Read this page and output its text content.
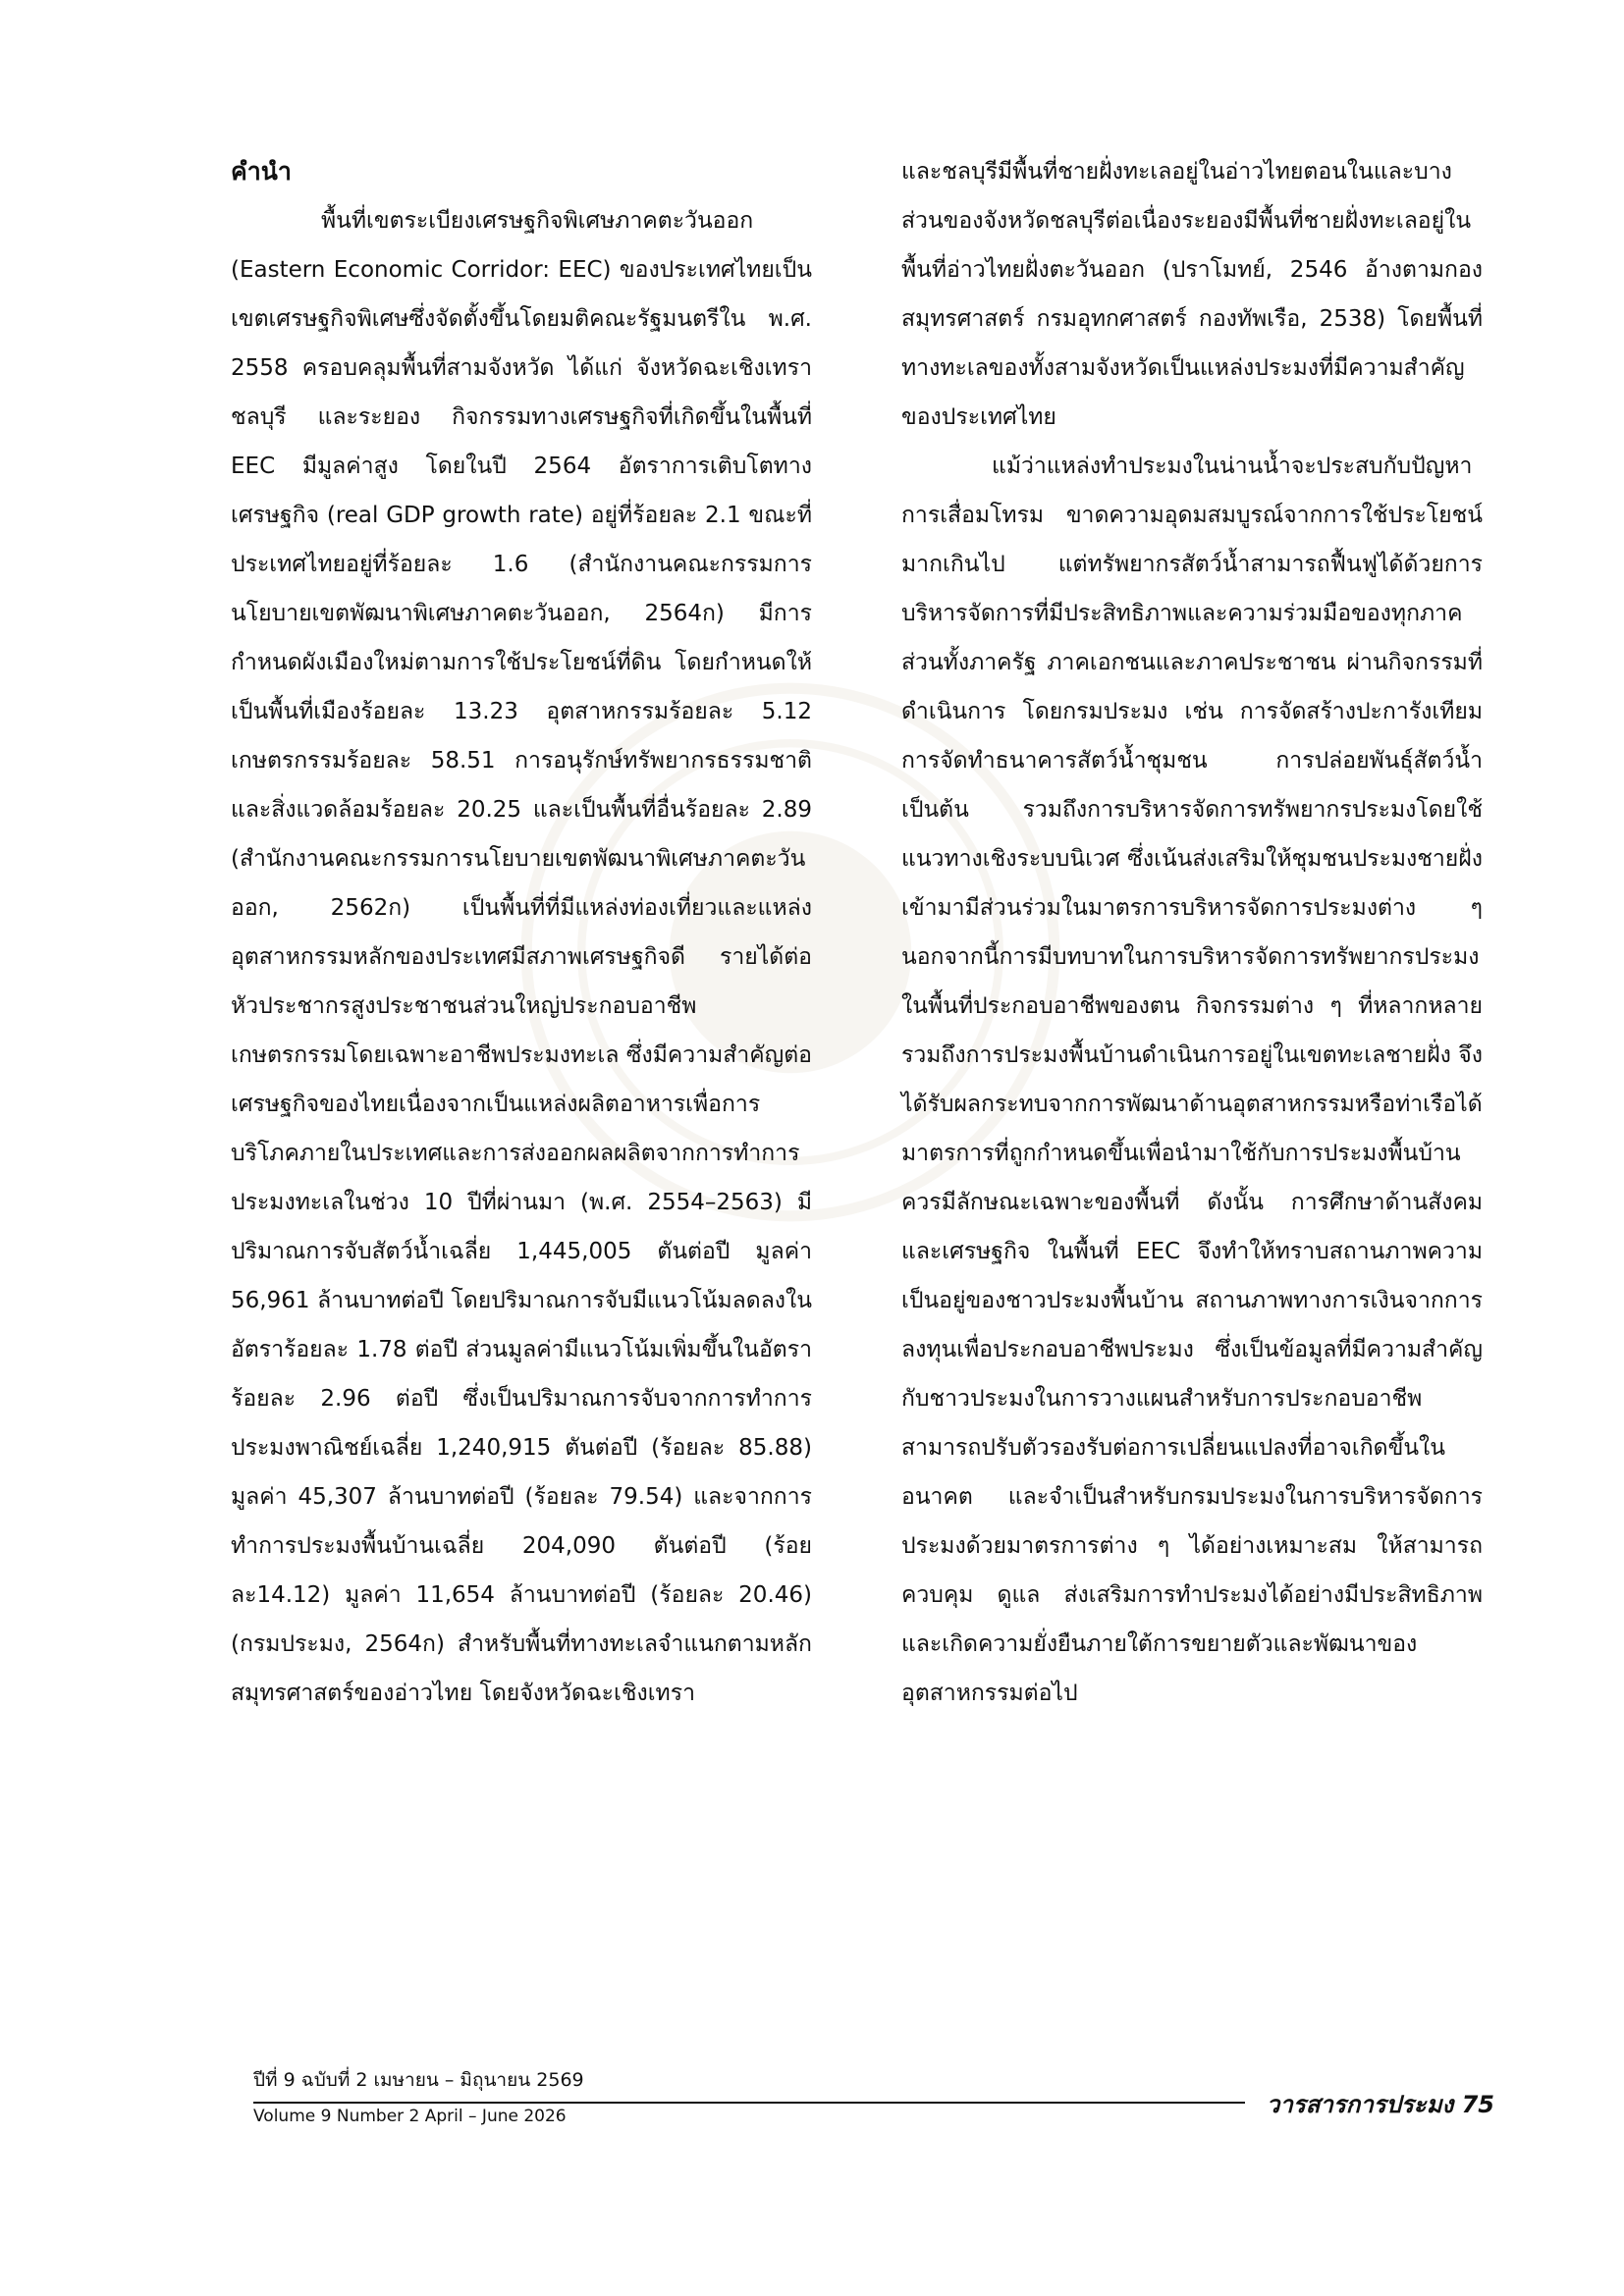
คำนำ

พื้นที่เขตระเบียงเศรษฐกิจพิเศษภาคตะวันออก (Eastern Economic Corridor: EEC) ของประเทศไทยเป็นเขตเศรษฐกิจพิเศษซึ่งจัดตั้งขึ้นโดยมติคณะรัฐมนตรีใน พ.ศ. 2558 ครอบคลุมพื้นที่สามจังหวัด ได้แก่ จังหวัดฉะเชิงเทรา ชลบุรี และระยอง กิจกรรมทางเศรษฐกิจที่เกิดขึ้นในพื้นที่ EEC มีมูลค่าสูง โดยในปี 2564 อัตราการเติบโตทางเศรษฐกิจ (real GDP growth rate) อยู่ที่ร้อยละ 2.1 ขณะที่ประเทศไทยอยู่ที่ร้อยละ 1.6 (สำนักงานคณะกรรมการนโยบายเขตพัฒนาพิเศษภาคตะวันออก, 2564ก) มีการกำหนดผังเมืองใหม่ตามการใช้ประโยชน์ที่ดิน โดยกำหนดให้เป็นพื้นที่เมืองร้อยละ 13.23 อุตสาหกรรมร้อยละ 5.12 เกษตรกรรมร้อยละ 58.51 การอนุรักษ์ทรัพยากรธรรมชาติและสิ่งแวดล้อมร้อยละ 20.25 และเป็นพื้นที่อื่นร้อยละ 2.89 (สำนักงานคณะกรรมการนโยบายเขตพัฒนาพิเศษภาคตะวันออก, 2562ก) เป็นพื้นที่ที่มีแหล่งท่องเที่ยวและแหล่งอุตสาหกรรมหลักของประเทศมีสภาพเศรษฐกิจดี รายได้ต่อหัวประชากรสูงประชาชนส่วนใหญ่ประกอบอาชีพเกษตรกรรมโดยเฉพาะอาชีพประมงทะเล ซึ่งมีความสำคัญต่อเศรษฐกิจของไทยเนื่องจากเป็นแหล่งผลิตอาหารเพื่อการบริโภคภายในประเทศและการส่งออกผลผลิตจากการทำการประมงทะเลในช่วง 10 ปีที่ผ่านมา (พ.ศ. 2554–2563) มีปริมาณการจับสัตว์น้ำเฉลี่ย 1,445,005 ตันต่อปี มูลค่า 56,961 ล้านบาทต่อปี โดยปริมาณการจับมีแนวโน้มลดลงในอัตราร้อยละ 1.78 ต่อปี ส่วนมูลค่ามีแนวโน้มเพิ่มขึ้นในอัตราร้อยละ 2.96 ต่อปี ซึ่งเป็นปริมาณการจับจากการทำการประมงพาณิชย์เฉลี่ย 1,240,915 ตันต่อปี (ร้อยละ 85.88) มูลค่า 45,307 ล้านบาทต่อปี (ร้อยละ 79.54) และจากการทำการประมงพื้นบ้านเฉลี่ย 204,090 ตันต่อปี (ร้อยละ14.12) มูลค่า 11,654 ล้านบาทต่อปี (ร้อยละ 20.46) (กรมประมง, 2564ก) สำหรับพื้นที่ทางทะเลจำแนกตามหลักสมุทรศาสตร์ของอ่าวไทย โดยจังหวัดฉะเชิงเทรา

และชลบุรีมีพื้นที่ชายฝั่งทะเลอยู่ในอ่าวไทยตอนในและบางส่วนของจังหวัดชลบุรีต่อเนื่องระยองมีพื้นที่ชายฝั่งทะเลอยู่ในพื้นที่อ่าวไทยฝั่งตะวันออก (ปราโมทย์, 2546 อ้างตามกองสมุทรศาสตร์ กรมอุทกศาสตร์ กองทัพเรือ, 2538) โดยพื้นที่ทางทะเลของทั้งสามจังหวัดเป็นแหล่งประมงที่มีความสำคัญของประเทศไทย

แม้ว่าแหล่งทำประมงในน่านน้ำจะประสบกับปัญหาการเสื่อมโทรม ขาดความอุดมสมบูรณ์จากการใช้ประโยชน์มากเกินไป แต่ทรัพยากรสัตว์น้ำสามารถฟื้นฟูได้ด้วยการบริหารจัดการที่มีประสิทธิภาพและความร่วมมือของทุกภาคส่วนทั้งภาครัฐ ภาคเอกชนและภาคประชาชน ผ่านกิจกรรมที่ดำเนินการ โดยกรมประมง เช่น การจัดสร้างปะการังเทียม การจัดทำธนาคารสัตว์น้ำชุมชน การปล่อยพันธุ์สัตว์น้ำ เป็นต้น รวมถึงการบริหารจัดการทรัพยากรประมงโดยใช้แนวทางเชิงระบบนิเวศ ซึ่งเน้นส่งเสริมให้ชุมชนประมงชายฝั่งเข้ามามีส่วนร่วมในมาตรการบริหารจัดการประมงต่าง ๆ นอกจากนี้การมีบทบาทในการบริหารจัดการทรัพยากรประมงในพื้นที่ประกอบอาชีพของตน กิจกรรมต่าง ๆ ที่หลากหลาย รวมถึงการประมงพื้นบ้านดำเนินการอยู่ในเขตทะเลชายฝั่ง จึงได้รับผลกระทบจากการพัฒนาด้านอุตสาหกรรมหรือท่าเรือได้ มาตรการที่ถูกกำหนดขึ้นเพื่อนำมาใช้กับการประมงพื้นบ้านควรมีลักษณะเฉพาะของพื้นที่ ดังนั้น การศึกษาด้านสังคมและเศรษฐกิจ ในพื้นที่ EEC จึงทำให้ทราบสถานภาพความเป็นอยู่ของชาวประมงพื้นบ้าน สถานภาพทางการเงินจากการลงทุนเพื่อประกอบอาชีพประมง ซึ่งเป็นข้อมูลที่มีความสำคัญกับชาวประมงในการวางแผนสำหรับการประกอบอาชีพ สามารถปรับตัวรองรับต่อการเปลี่ยนแปลงที่อาจเกิดขึ้นในอนาคต และจำเป็นสำหรับกรมประมงในการบริหารจัดการประมงด้วยมาตรการต่าง ๆ ได้อย่างเหมาะสม ให้สามารถควบคุม ดูแล ส่งเสริมการทำประมงได้อย่างมีประสิทธิภาพ และเกิดความยั่งยืนภายใต้การขยายตัวและพัฒนาของอุตสาหกรรมต่อไป

ปีที่ 9 ฉบับที่ 2 เมษายน – มิถุนายน 2569
Volume 9 Number 2 April – June 2026	วารสารการประมง 75
